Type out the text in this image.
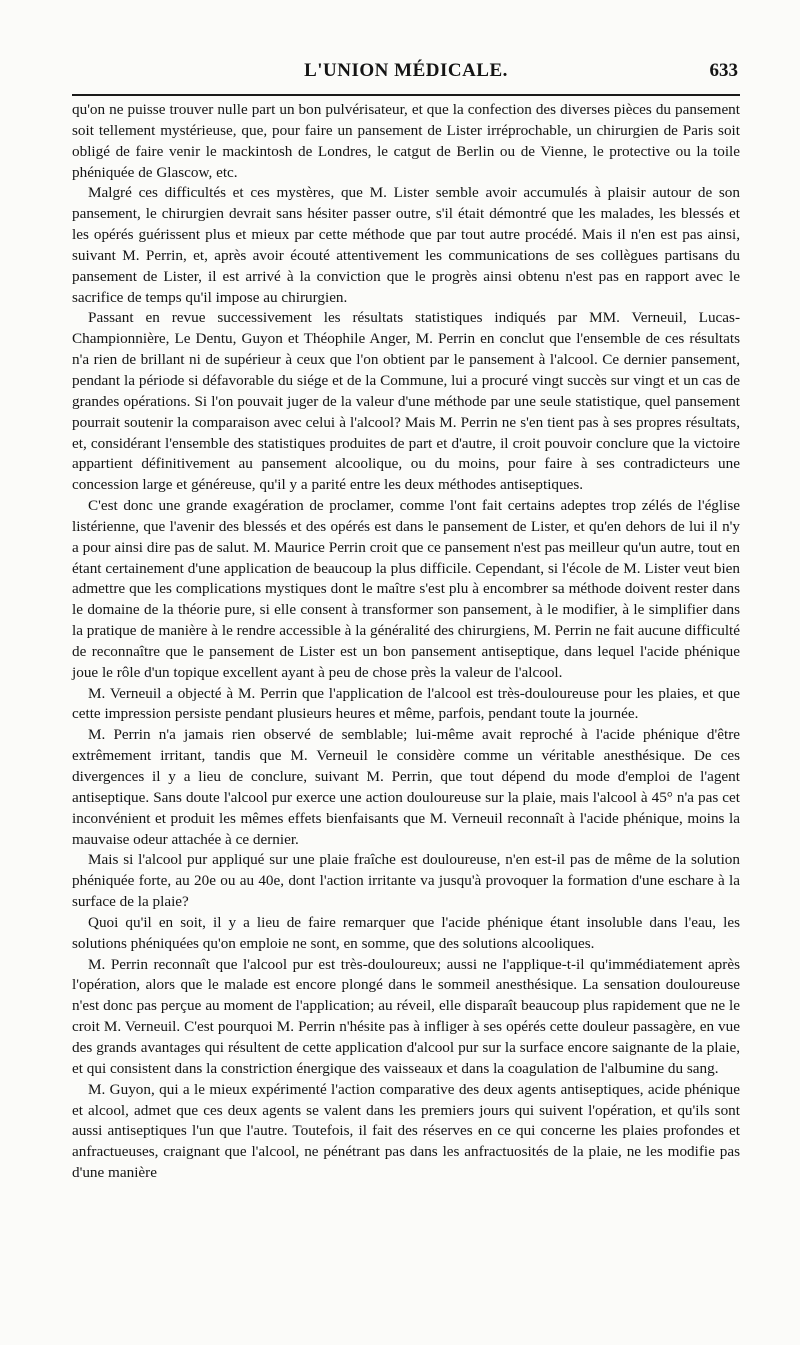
L'UNION MÉDICALE.	633

qu'on ne puisse trouver nulle part un bon pulvérisateur, et que la confection des diverses pièces du pansement soit tellement mystérieuse, que, pour faire un pansement de Lister irréprochable, un chirurgien de Paris soit obligé de faire venir le mackintosh de Londres, le catgut de Berlin ou de Vienne, le protective ou la toile phéniquée de Glascow, etc.

Malgré ces difficultés et ces mystères, que M. Lister semble avoir accumulés à plaisir autour de son pansement, le chirurgien devrait sans hésiter passer outre, s'il était démontré que les malades, les blessés et les opérés guérissent plus et mieux par cette méthode que par tout autre procédé. Mais il n'en est pas ainsi, suivant M. Perrin, et, après avoir écouté attentivement les communications de ses collègues partisans du pansement de Lister, il est arrivé à la conviction que le progrès ainsi obtenu n'est pas en rapport avec le sacrifice de temps qu'il impose au chirurgien.

Passant en revue successivement les résultats statistiques indiqués par MM. Verneuil, Lucas-Championnière, Le Dentu, Guyon et Théophile Anger, M. Perrin en conclut que l'ensemble de ces résultats n'a rien de brillant ni de supérieur à ceux que l'on obtient par le pansement à l'alcool. Ce dernier pansement, pendant la période si défavorable du siége et de la Commune, lui a procuré vingt succès sur vingt et un cas de grandes opérations. Si l'on pouvait juger de la valeur d'une méthode par une seule statistique, quel pansement pourrait soutenir la comparaison avec celui à l'alcool? Mais M. Perrin ne s'en tient pas à ses propres résultats, et, considérant l'ensemble des statistiques produites de part et d'autre, il croit pouvoir conclure que la victoire appartient définitivement au pansement alcoolique, ou du moins, pour faire à ses contradicteurs une concession large et généreuse, qu'il y a parité entre les deux méthodes antiseptiques.

C'est donc une grande exagération de proclamer, comme l'ont fait certains adeptes trop zélés de l'église listérienne, que l'avenir des blessés et des opérés est dans le pansement de Lister, et qu'en dehors de lui il n'y a pour ainsi dire pas de salut. M. Maurice Perrin croit que ce pansement n'est pas meilleur qu'un autre, tout en étant certainement d'une application de beaucoup la plus difficile. Cependant, si l'école de M. Lister veut bien admettre que les complications mystiques dont le maître s'est plu à encombrer sa méthode doivent rester dans le domaine de la théorie pure, si elle consent à transformer son pansement, à le modifier, à le simplifier dans la pratique de manière à le rendre accessible à la généralité des chirurgiens, M. Perrin ne fait aucune difficulté de reconnaître que le pansement de Lister est un bon pansement antiseptique, dans lequel l'acide phénique joue le rôle d'un topique excellent ayant à peu de chose près la valeur de l'alcool.

M. Verneuil a objecté à M. Perrin que l'application de l'alcool est très-douloureuse pour les plaies, et que cette impression persiste pendant plusieurs heures et même, parfois, pendant toute la journée.

M. Perrin n'a jamais rien observé de semblable; lui-même avait reproché à l'acide phénique d'être extrêmement irritant, tandis que M. Verneuil le considère comme un véritable anesthésique. De ces divergences il y a lieu de conclure, suivant M. Perrin, que tout dépend du mode d'emploi de l'agent antiseptique. Sans doute l'alcool pur exerce une action douloureuse sur la plaie, mais l'alcool à 45° n'a pas cet inconvénient et produit les mêmes effets bienfaisants que M. Verneuil reconnaît à l'acide phénique, moins la mauvaise odeur attachée à ce dernier.

Mais si l'alcool pur appliqué sur une plaie fraîche est douloureuse, n'en est-il pas de même de la solution phéniquée forte, au 20e ou au 40e, dont l'action irritante va jusqu'à provoquer la formation d'une eschare à la surface de la plaie?

Quoi qu'il en soit, il y a lieu de faire remarquer que l'acide phénique étant insoluble dans l'eau, les solutions phéniquées qu'on emploie ne sont, en somme, que des solutions alcooliques.

M. Perrin reconnaît que l'alcool pur est très-douloureux; aussi ne l'applique-t-il qu'immédiatement après l'opération, alors que le malade est encore plongé dans le sommeil anesthésique. La sensation douloureuse n'est donc pas perçue au moment de l'application; au réveil, elle disparaît beaucoup plus rapidement que ne le croit M. Verneuil. C'est pourquoi M. Perrin n'hésite pas à infliger à ses opérés cette douleur passagère, en vue des grands avantages qui résultent de cette application d'alcool pur sur la surface encore saignante de la plaie, et qui consistent dans la constriction énergique des vaisseaux et dans la coagulation de l'albumine du sang.

M. Guyon, qui a le mieux expérimenté l'action comparative des deux agents antiseptiques, acide phénique et alcool, admet que ces deux agents se valent dans les premiers jours qui suivent l'opération, et qu'ils sont aussi antiseptiques l'un que l'autre. Toutefois, il fait des réserves en ce qui concerne les plaies profondes et anfractueuses, craignant que l'alcool, ne pénétrant pas dans les anfractuosités de la plaie, ne les modifie pas d'une manière
